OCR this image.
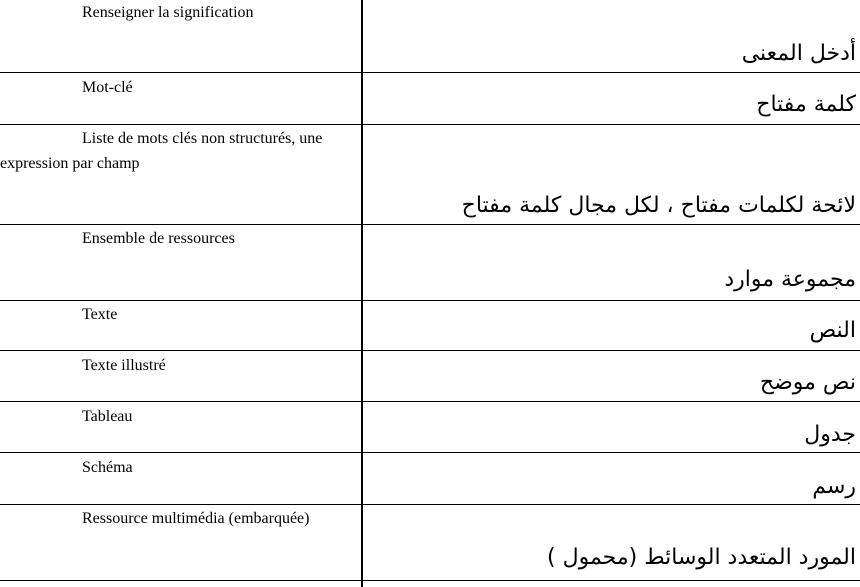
Renseigner la signification
أدخل المعنى
Mot-clé
كلمة مفتاح
Liste de mots clés non structurés, une expression par champ
لائحة لكلمات مفتاح ، لكل مجال كلمة مفتاح
Ensemble de ressources
مجموعة موارد
Texte
النص
Texte illustré
نص موضح
Tableau
جدول
Schéma
رسم
Ressource multimédia (embarquée)
المورد المتعدد الوسائط (محمول )
